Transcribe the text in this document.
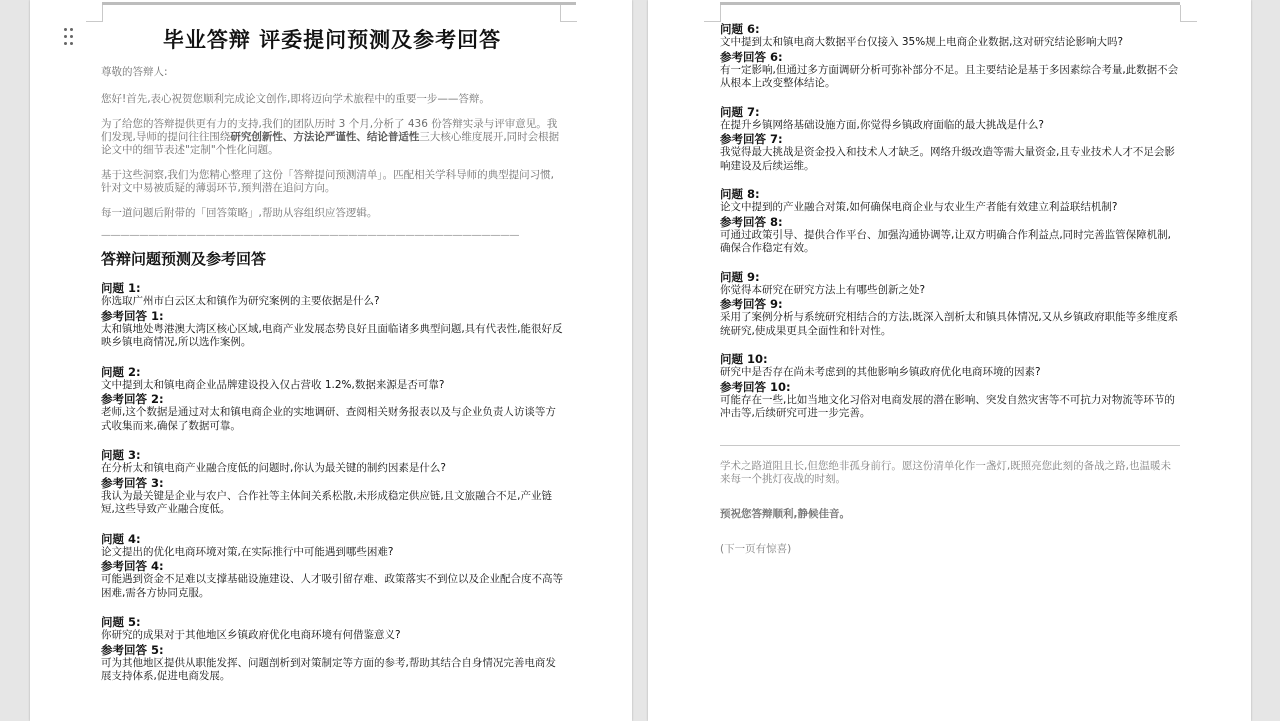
毕业答辩 评委提问预测及参考回答

尊敬的答辩人:

您好!首先,表心祝贺您顺利完成论文创作,即将迈向学术旅程中的重要一步——答辩。

为了给您的答辩提供更有力的支持,我们的团队历时 3 个月,分析了 436 份答辩实录与评审意见。我们发现,导师的提问往往围绕研究创新性、方法论严谨性、结论普适性三大核心维度展开,同时会根据论文中的细节表述"定制"个性化问题。

基于这些洞察,我们为您精心整理了这份「答辩提问预测清单」。匹配相关学科导师的典型提问习惯,针对文中易被质疑的薄弱环节,预判潜在追问方向。

每一道问题后附带的「回答策略」,帮助从容组织应答逻辑。

————————————————————————————————————————————
答辩问题预测及参考回答

问题 1:

你选取广州市白云区太和镇作为研究案例的主要依据是什么?

参考回答 1:

太和镇地处粤港澳大湾区核心区域,电商产业发展态势良好且面临诸多典型问题,具有代表性,能很好反映乡镇电商情况,所以选作案例。

问题 2:

文中提到太和镇电商企业品牌建设投入仅占营收 1.2%,数据来源是否可靠?

参考回答 2:

老师,这个数据是通过对太和镇电商企业的实地调研、查阅相关财务报表以及与企业负责人访谈等方式收集而来,确保了数据可靠。

问题 3:

在分析太和镇电商产业融合度低的问题时,你认为最关键的制约因素是什么?

参考回答 3:

我认为最关键是企业与农户、合作社等主体间关系松散,未形成稳定供应链,且文旅融合不足,产业链短,这些导致产业融合度低。

问题 4:

论文提出的优化电商环境对策,在实际推行中可能遇到哪些困难?

参考回答 4:

可能遇到资金不足难以支撑基础设施建设、人才吸引留存难、政策落实不到位以及企业配合度不高等困难,需各方协同克服。

问题 5:

你研究的成果对于其他地区乡镇政府优化电商环境有何借鉴意义?

参考回答 5:

可为其他地区提供从职能发挥、问题剖析到对策制定等方面的参考,帮助其结合自身情况完善电商发展支持体系,促进电商发展。

问题 6:

文中提到太和镇电商大数据平台仅接入 35%规上电商企业数据,这对研究结论影响大吗?

参考回答 6:

有一定影响,但通过多方面调研分析可弥补部分不足。且主要结论是基于多因素综合考量,此数据不会从根本上改变整体结论。

问题 7:

在提升乡镇网络基础设施方面,你觉得乡镇政府面临的最大挑战是什么?

参考回答 7:

我觉得最大挑战是资金投入和技术人才缺乏。网络升级改造等需大量资金,且专业技术人才不足会影响建设及后续运维。

问题 8:

论文中提到的产业融合对策,如何确保电商企业与农业生产者能有效建立利益联结机制?

参考回答 8:

可通过政策引导、提供合作平台、加强沟通协调等,让双方明确合作利益点,同时完善监管保障机制,确保合作稳定有效。

问题 9:

你觉得本研究在研究方法上有哪些创新之处?

参考回答 9:

采用了案例分析与系统研究相结合的方法,既深入剖析太和镇具体情况,又从乡镇政府职能等多维度系统研究,使成果更具全面性和针对性。

问题 10:

研究中是否存在尚未考虑到的其他影响乡镇政府优化电商环境的因素?

参考回答 10:

可能存在一些,比如当地文化习俗对电商发展的潜在影响、突发自然灾害等不可抗力对物流等环节的冲击等,后续研究可进一步完善。

学术之路道阻且长,但您绝非孤身前行。愿这份清单化作一盏灯,既照亮您此刻的备战之路,也温暖未来每一个挑灯夜战的时刻。

预祝您答辩顺利,静候佳音。

(下一页有惊喜)
